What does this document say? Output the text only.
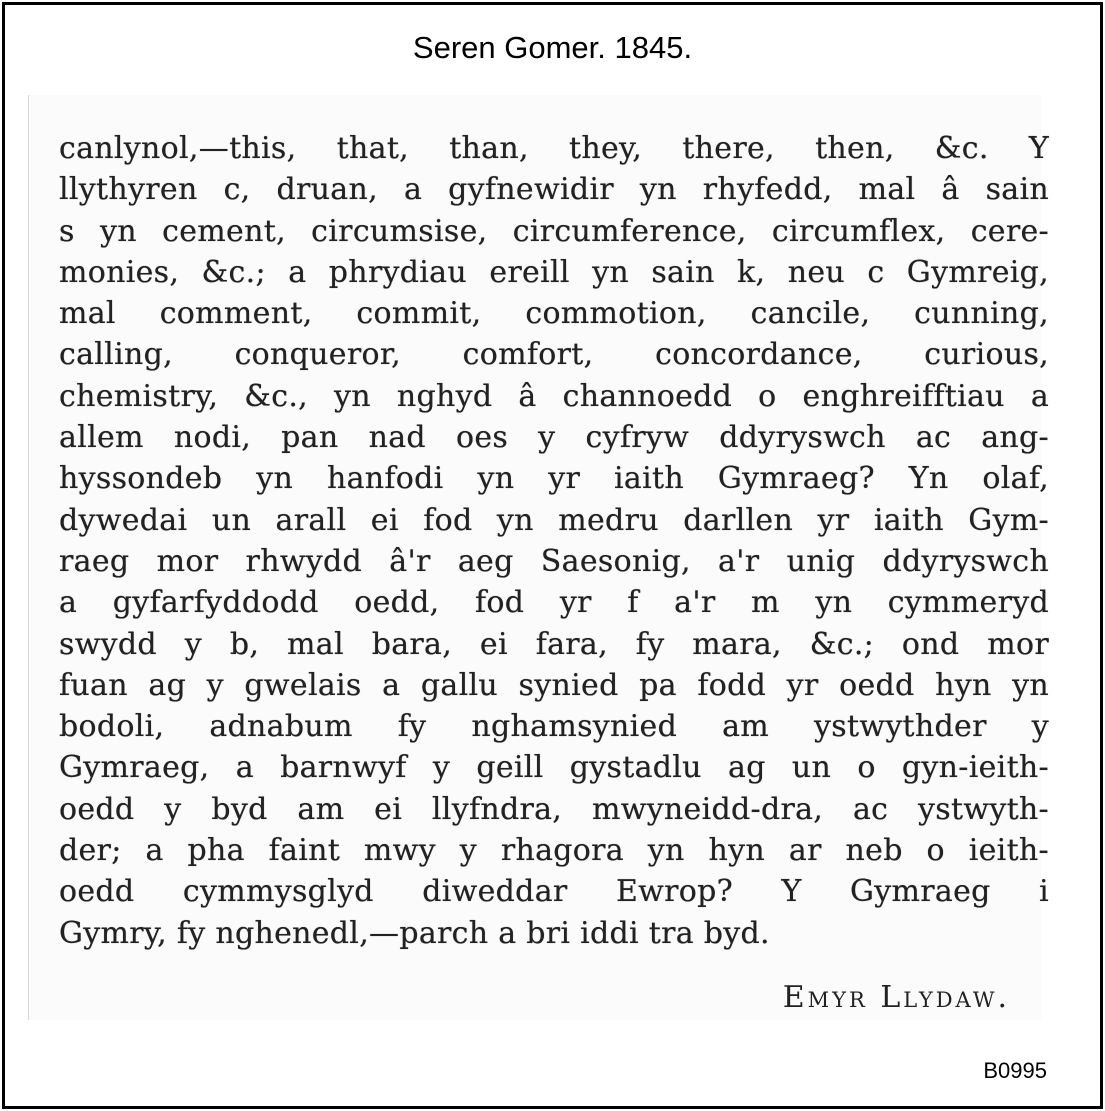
Seren Gomer. 1845.
canlynol,—this, that, than, they, there, then, &c. Y
llythyren c, druan, a gyfnewidir yn rhyfedd, mal â sain
s yn cement, circumsise, circumference, circumflex, cere-
monies, &c.; a phrydiau ereill yn sain k, neu c Gymreig,
mal comment, commit, commotion, cancile, cunning,
calling, conqueror, comfort, concordance, curious,
chemistry, &c., yn nghyd â channoedd o enghreifftiau a
allem nodi, pan nad oes y cyfryw ddyryswch ac ang-
hyssondeb yn hanfodi yn yr iaith Gymraeg? Yn olaf,
dywedai un arall ei fod yn medru darllen yr iaith Gym-
raeg mor rhwydd â'r aeg Saesonig, a'r unig ddyryswch
a gyfarfyddodd oedd, fod yr f a'r m yn cymmeryd
swydd y b, mal bara, ei fara, fy mara, &c.; ond mor
fuan ag y gwelais a gallu synied pa fodd yr oedd hyn yn
bodoli, adnabum fy nghamsynied am ystwythder y
Gymraeg, a barnwyf y geill gystadlu ag un o gyn-ieith-
oedd y byd am ei llyfndra, mwyneidd-dra, ac ystwyth-
der; a pha faint mwy y rhagora yn hyn ar neb o ieith-
oedd cymmysglyd diweddar Ewrop? Y Gymraeg i
Gymry, fy nghenedl,—parch a bri iddi tra byd.
Emyr Llydaw.
B0995
